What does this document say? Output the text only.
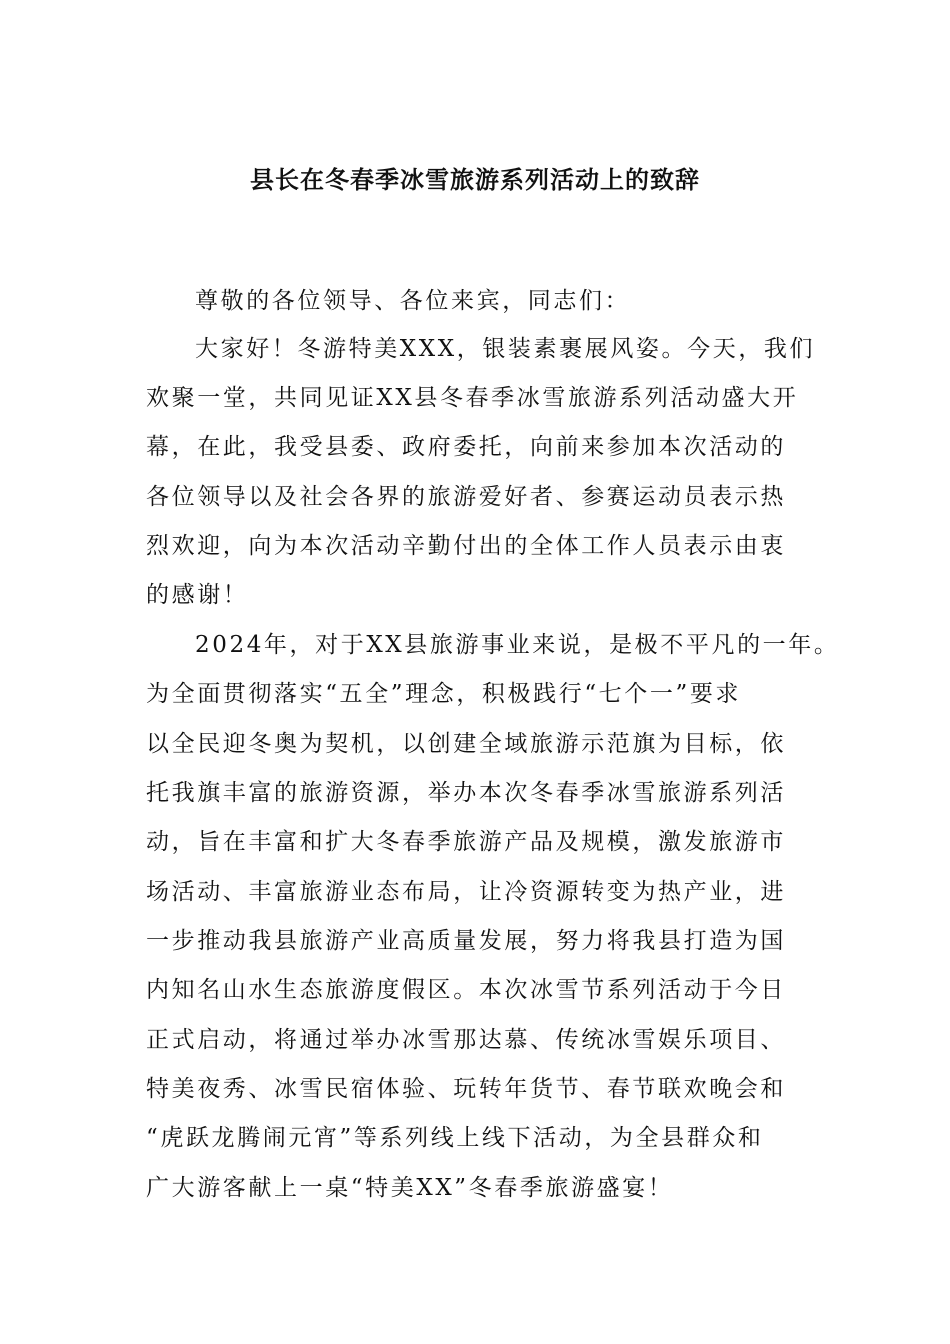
县长在冬春季冰雪旅游系列活动上的致辞
尊敬的各位领导、各位来宾，同志们：
大家好！冬游特美XXX，银装素裹展风姿。今天，我们
欢聚一堂，共同见证XX县冬春季冰雪旅游系列活动盛大开
幕，在此，我受县委、政府委托，向前来参加本次活动的
各位领导以及社会各界的旅游爱好者、参赛运动员表示热
烈欢迎，向为本次活动辛勤付出的全体工作人员表示由衷
的感谢！
2024年，对于XX县旅游事业来说，是极不平凡的一年。
为全面贯彻落实“五全”理念，积极践行“七个一”要求
以全民迎冬奥为契机，以创建全域旅游示范旗为目标，依
托我旗丰富的旅游资源，举办本次冬春季冰雪旅游系列活
动，旨在丰富和扩大冬春季旅游产品及规模，激发旅游市
场活动、丰富旅游业态布局，让冷资源转变为热产业，进
一步推动我县旅游产业高质量发展，努力将我县打造为国
内知名山水生态旅游度假区。本次冰雪节系列活动于今日
正式启动，将通过举办冰雪那达慕、传统冰雪娱乐项目、
特美夜秀、冰雪民宿体验、玩转年货节、春节联欢晚会和
“虎跃龙腾闹元宵”等系列线上线下活动，为全县群众和
广大游客献上一桌“特美XX”冬春季旅游盛宴！
